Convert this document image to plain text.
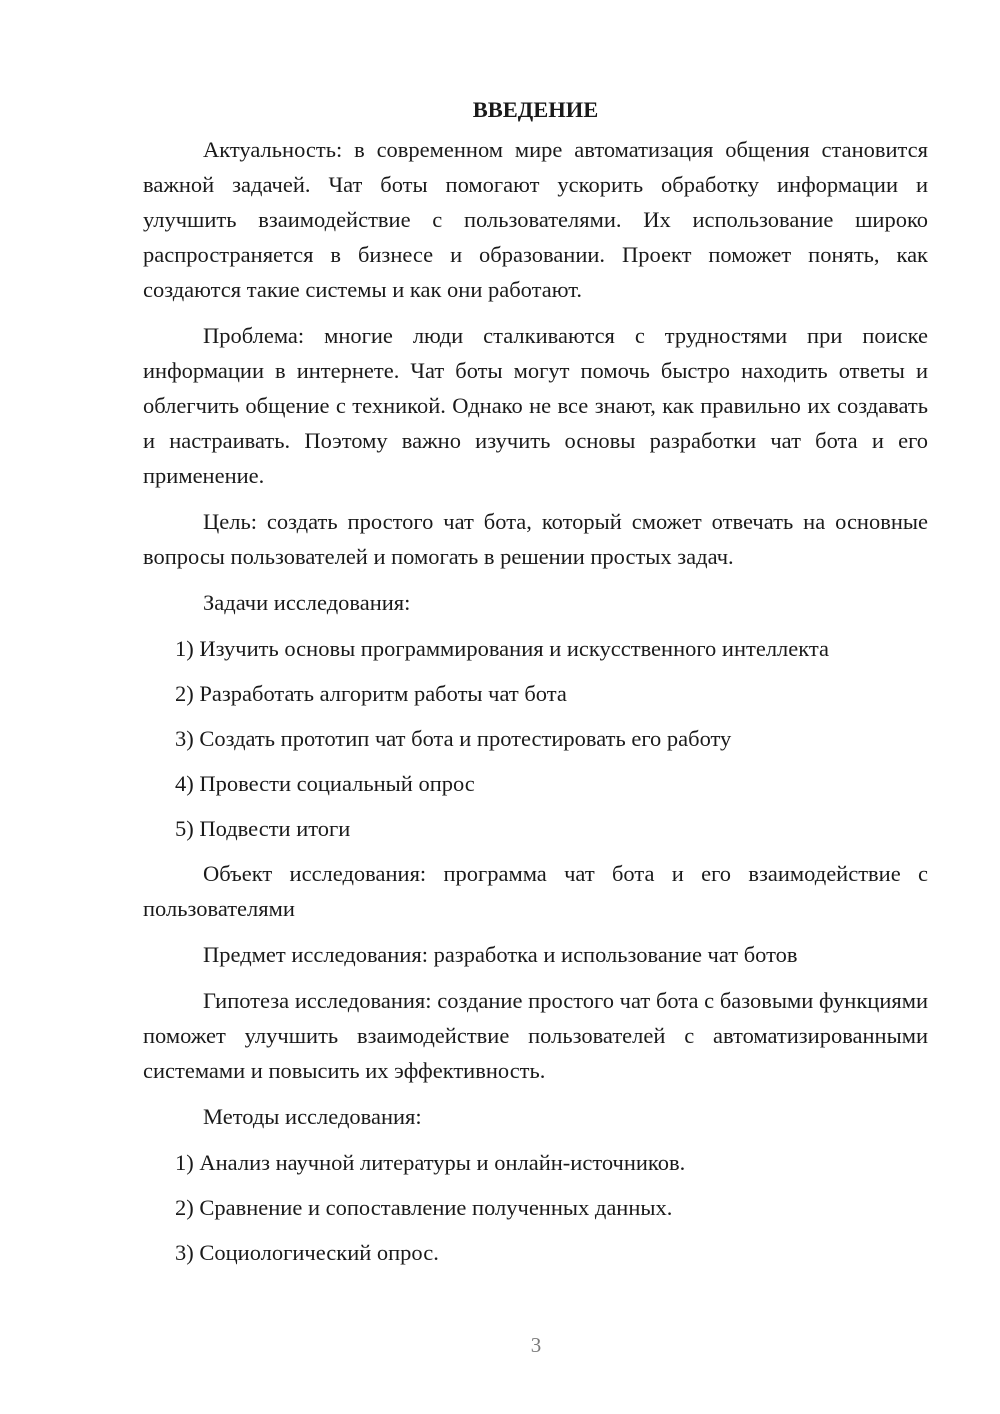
ВВЕДЕНИЕ

Актуальность: в современном мире автоматизация общения становится важной задачей. Чат боты помогают ускорить обработку информации и улучшить взаимодействие с пользователями. Их использование широко распространяется в бизнесе и образовании. Проект поможет понять, как создаются такие системы и как они работают.

Проблема: многие люди сталкиваются с трудностями при поиске информации в интернете. Чат боты могут помочь быстро находить ответы и облегчить общение с техникой. Однако не все знают, как правильно их создавать и настраивать. Поэтому важно изучить основы разработки чат бота и его применение.

Цель: создать простого чат бота, который сможет отвечать на основные вопросы пользователей и помогать в решении простых задач.

Задачи исследования:
1) Изучить основы программирования и искусственного интеллекта
2) Разработать алгоритм работы чат бота
3) Создать прототип чат бота и протестировать его работу
4) Провести социальный опрос
5) Подвести итоги

Объект исследования: программа чат бота и его взаимодействие с пользователями

Предмет исследования: разработка и использование чат ботов

Гипотеза исследования: создание простого чат бота с базовыми функциями поможет улучшить взаимодействие пользователей с автоматизированными системами и повысить их эффективность.

Методы исследования:
1) Анализ научной литературы и онлайн-источников.
2) Сравнение и сопоставление полученных данных.
3) Социологический опрос.
3
